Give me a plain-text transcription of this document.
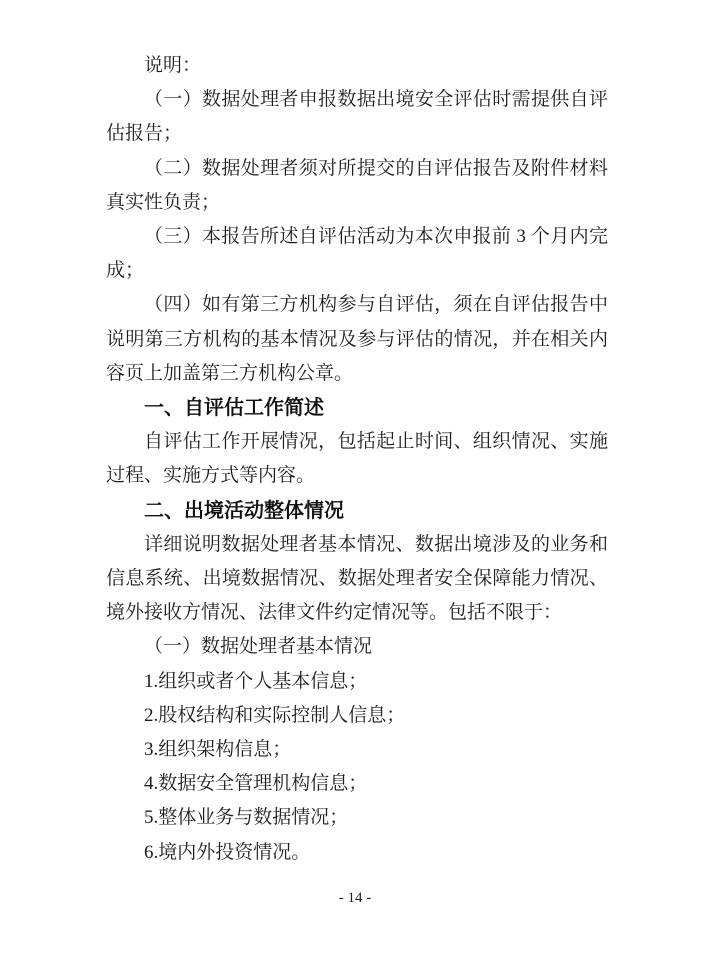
说明：

（一）数据处理者申报数据出境安全评估时需提供自评估报告；

（二）数据处理者须对所提交的自评估报告及附件材料真实性负责；

（三）本报告所述自评估活动为本次申报前 3 个月内完成；

（四）如有第三方机构参与自评估，须在自评估报告中说明第三方机构的基本情况及参与评估的情况，并在相关内容页上加盖第三方机构公章。

一、自评估工作简述

自评估工作开展情况，包括起止时间、组织情况、实施过程、实施方式等内容。

二、出境活动整体情况

详细说明数据处理者基本情况、数据出境涉及的业务和信息系统、出境数据情况、数据处理者安全保障能力情况、境外接收方情况、法律文件约定情况等。包括不限于：

（一）数据处理者基本情况

1.组织或者个人基本信息；

2.股权结构和实际控制人信息；

3.组织架构信息；

4.数据安全管理机构信息；

5.整体业务与数据情况；

6.境内外投资情况。

- 14 -
